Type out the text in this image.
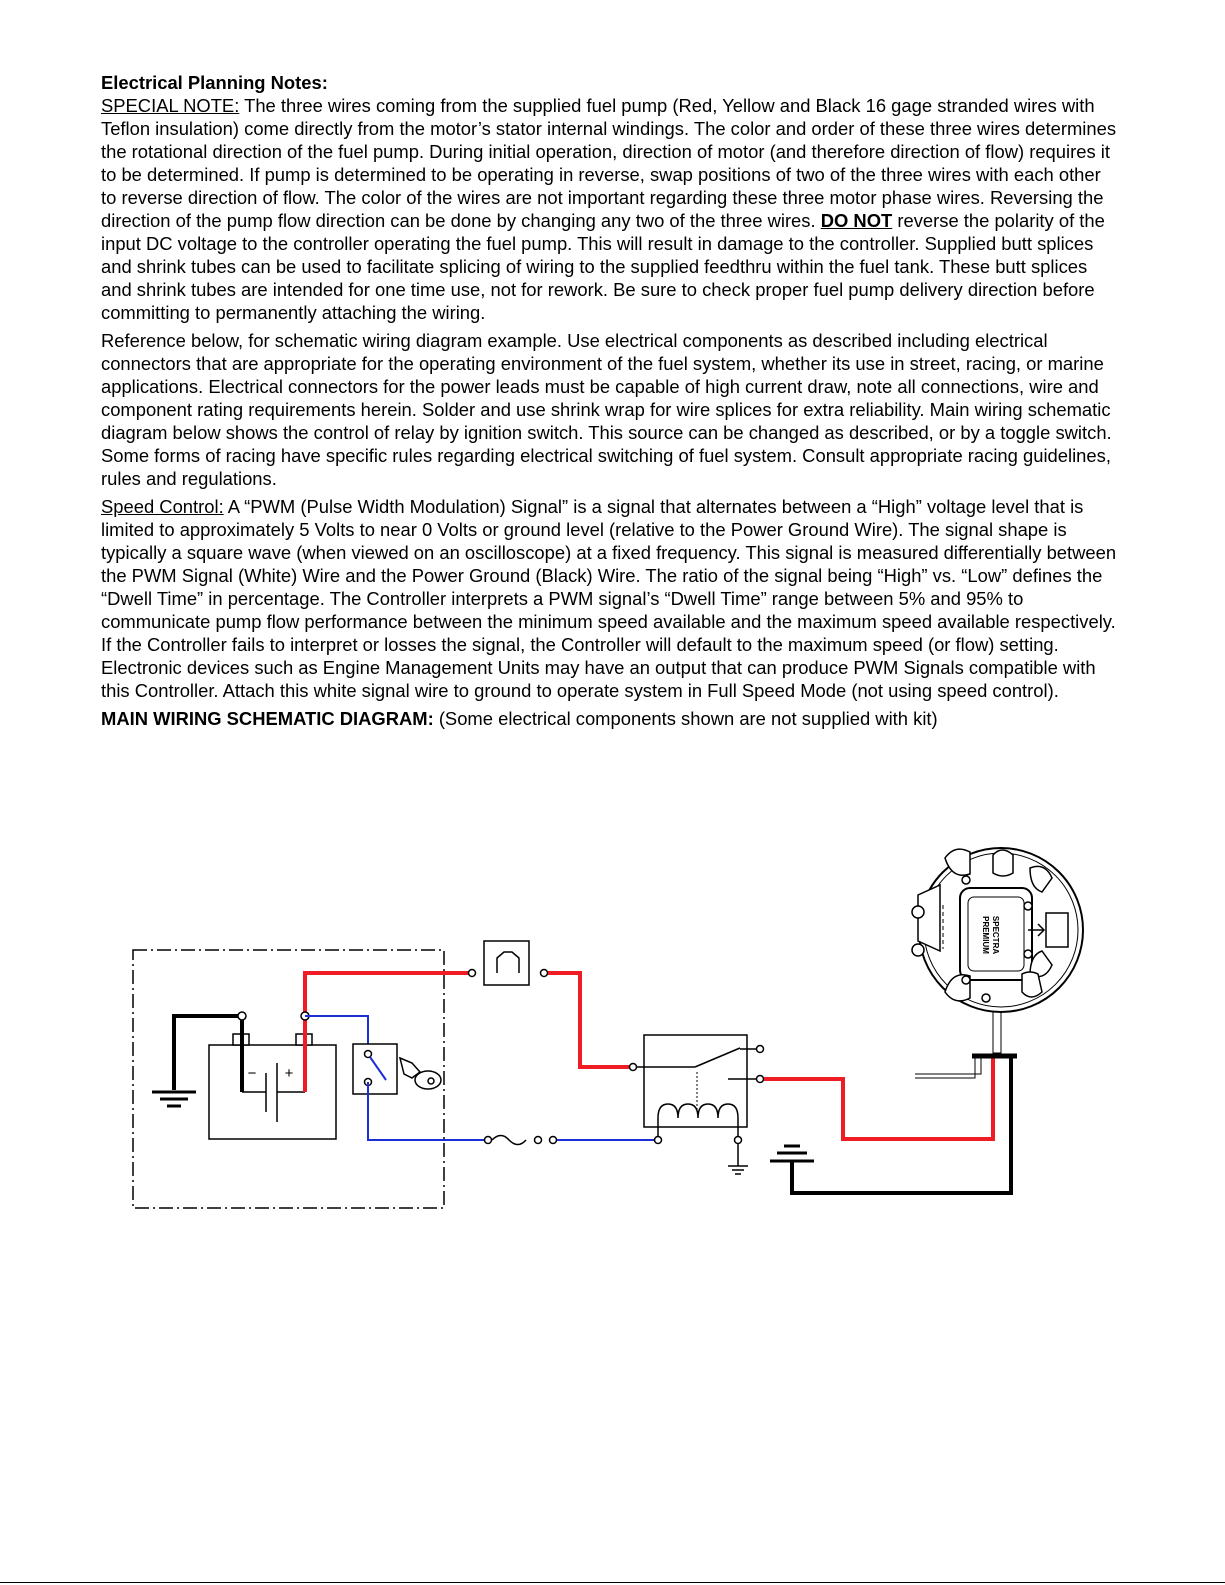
Electrical Planning Notes:

SPECIAL NOTE: The three wires coming from the supplied fuel pump (Red, Yellow and Black 16 gage stranded wires with Teflon insulation) come directly from the motor’s stator internal windings. The color and order of these three wires determines the rotational direction of the fuel pump. During initial operation, direction of motor (and therefore direction of flow) requires it to be determined. If pump is determined to be operating in reverse, swap positions of two of the three wires with each other to reverse direction of flow. The color of the wires are not important regarding these three motor phase wires. Reversing the direction of the pump flow direction can be done by changing any two of the three wires. DO NOT reverse the polarity of the input DC voltage to the controller operating the fuel pump. This will result in damage to the controller. Supplied butt splices and shrink tubes can be used to facilitate splicing of wiring to the supplied feedthru within the fuel tank. These butt splices and shrink tubes are intended for one time use, not for rework. Be sure to check proper fuel pump delivery direction before committing to permanently attaching the wiring.

Reference below, for schematic wiring diagram example. Use electrical components as described including electrical connectors that are appropriate for the operating environment of the fuel system, whether its use in street, racing, or marine applications. Electrical connectors for the power leads must be capable of high current draw, note all connections, wire and component rating requirements herein. Solder and use shrink wrap for wire splices for extra reliability. Main wiring schematic diagram below shows the control of relay by ignition switch. This source can be changed as described, or by a toggle switch. Some forms of racing have specific rules regarding electrical switching of fuel system. Consult appropriate racing guidelines, rules and regulations.

Speed Control: A “PWM (Pulse Width Modulation) Signal” is a signal that alternates between a “High” voltage level that is limited to approximately 5 Volts to near 0 Volts or ground level (relative to the Power Ground Wire). The signal shape is typically a square wave (when viewed on an oscilloscope) at a fixed frequency. This signal is measured differentially between the PWM Signal (White) Wire and the Power Ground (Black) Wire. The ratio of the signal being “High” vs. “Low” defines the “Dwell Time” in percentage. The Controller interprets a PWM signal’s “Dwell Time” range between 5% and 95% to communicate pump flow performance between the minimum speed available and the maximum speed available respectively. If the Controller fails to interpret or losses the signal, the Controller will default to the maximum speed (or flow) setting. Electronic devices such as Engine Management Units may have an output that can produce PWM Signals compatible with this Controller. Attach this white signal wire to ground to operate system in Full Speed Mode (not using speed control).

MAIN WIRING SCHEMATIC DIAGRAM: (Some electrical components shown are not supplied with kit)

− +
SPECTRA
PREMIUM
